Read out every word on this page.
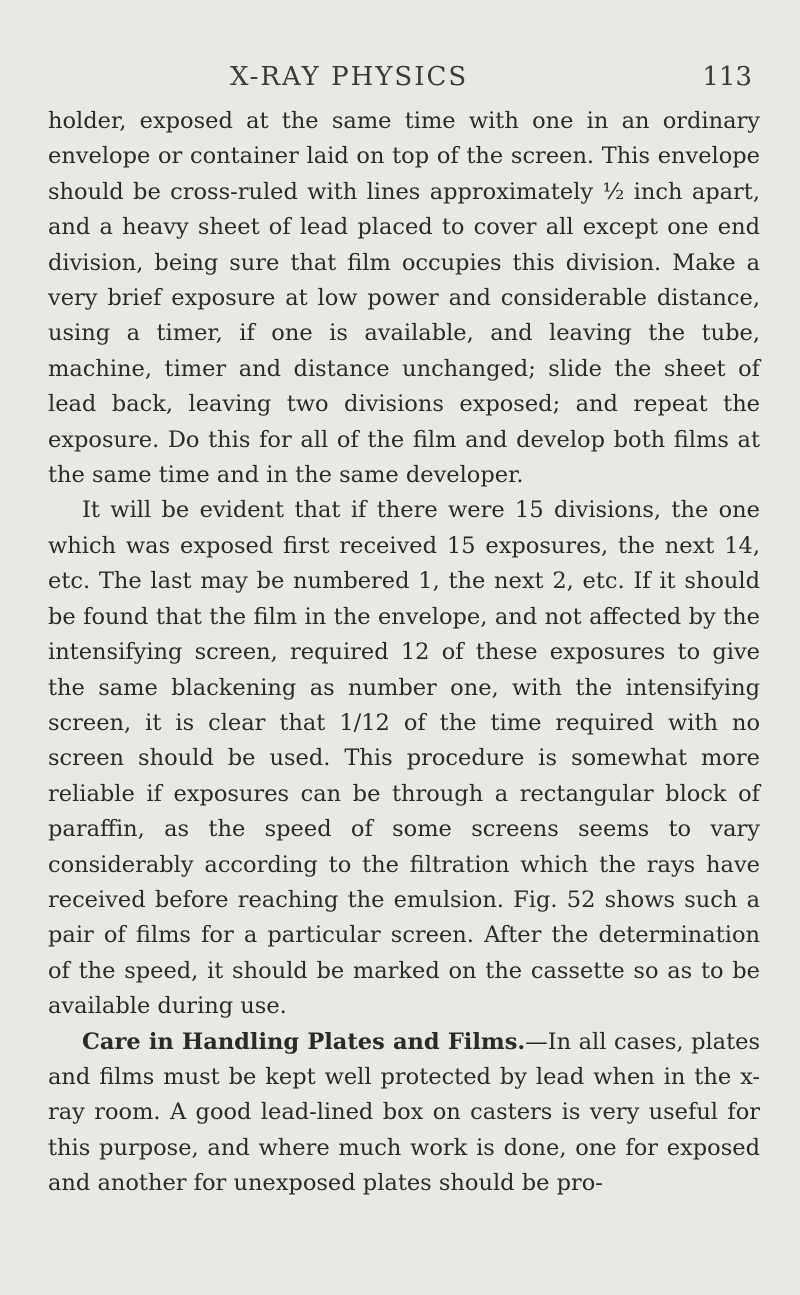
X-RAY PHYSICS	113

holder, exposed at the same time with one in an ordinary envelope or container laid on top of the screen. This envelope should be cross-ruled with lines approximately ½ inch apart, and a heavy sheet of lead placed to cover all except one end division, being sure that film occupies this division. Make a very brief exposure at low power and considerable distance, using a timer, if one is available, and leaving the tube, machine, timer and distance unchanged; slide the sheet of lead back, leaving two divisions exposed; and repeat the exposure. Do this for all of the film and develop both films at the same time and in the same developer.

It will be evident that if there were 15 divisions, the one which was exposed first received 15 exposures, the next 14, etc. The last may be numbered 1, the next 2, etc. If it should be found that the film in the envelope, and not affected by the intensifying screen, required 12 of these exposures to give the same blackening as number one, with the intensifying screen, it is clear that 1/12 of the time required with no screen should be used. This procedure is somewhat more reliable if exposures can be through a rectangular block of paraffin, as the speed of some screens seems to vary considerably according to the filtration which the rays have received before reaching the emulsion. Fig. 52 shows such a pair of films for a particular screen. After the determination of the speed, it should be marked on the cassette so as to be available during use.

Care in Handling Plates and Films.—In all cases, plates and films must be kept well protected by lead when in the x-ray room. A good lead-lined box on casters is very useful for this purpose, and where much work is done, one for exposed and another for unexposed plates should be pro-
